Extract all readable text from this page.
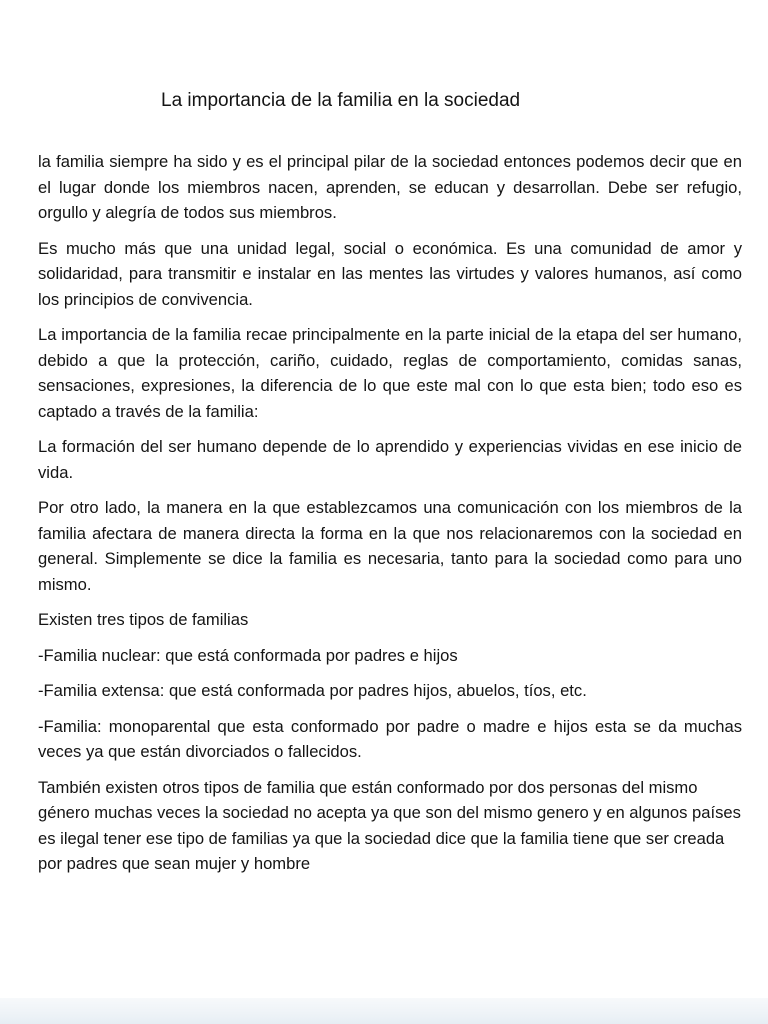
La importancia de la familia en la sociedad

la familia siempre ha sido y es el principal pilar de la sociedad entonces podemos decir que en el lugar donde los miembros nacen, aprenden, se educan y desarrollan. Debe ser refugio, orgullo y alegría de todos sus miembros.

Es mucho más que una unidad legal, social o económica. Es una comunidad de amor y solidaridad, para transmitir e instalar en las mentes las virtudes y valores humanos, así como los principios de convivencia.

La importancia de la familia recae principalmente en la parte inicial de la etapa del ser humano, debido a que la protección, cariño, cuidado, reglas de comportamiento, comidas sanas, sensaciones, expresiones, la diferencia de lo que este mal con lo que esta bien; todo eso es captado a través de la familia:

La formación del ser humano depende de lo aprendido y experiencias vividas en ese inicio de vida.

Por otro lado, la manera en la que establezcamos una comunicación con los miembros de la familia afectara de manera directa la forma en la que nos relacionaremos con la sociedad en general. Simplemente se dice la familia es necesaria, tanto para la sociedad como para uno mismo.

Existen tres tipos de familias

-Familia nuclear: que está conformada por padres e hijos

-Familia extensa: que está conformada por padres hijos, abuelos, tíos, etc.

-Familia: monoparental que esta conformado por padre o madre e hijos esta se da muchas veces ya que están divorciados o fallecidos.

También existen otros tipos de familia que están conformado por dos personas del mismo género muchas veces la sociedad no acepta ya que son del mismo genero y en algunos países es ilegal tener ese tipo de familias ya que la sociedad dice que la familia tiene que ser creada por padres que sean mujer y hombre
